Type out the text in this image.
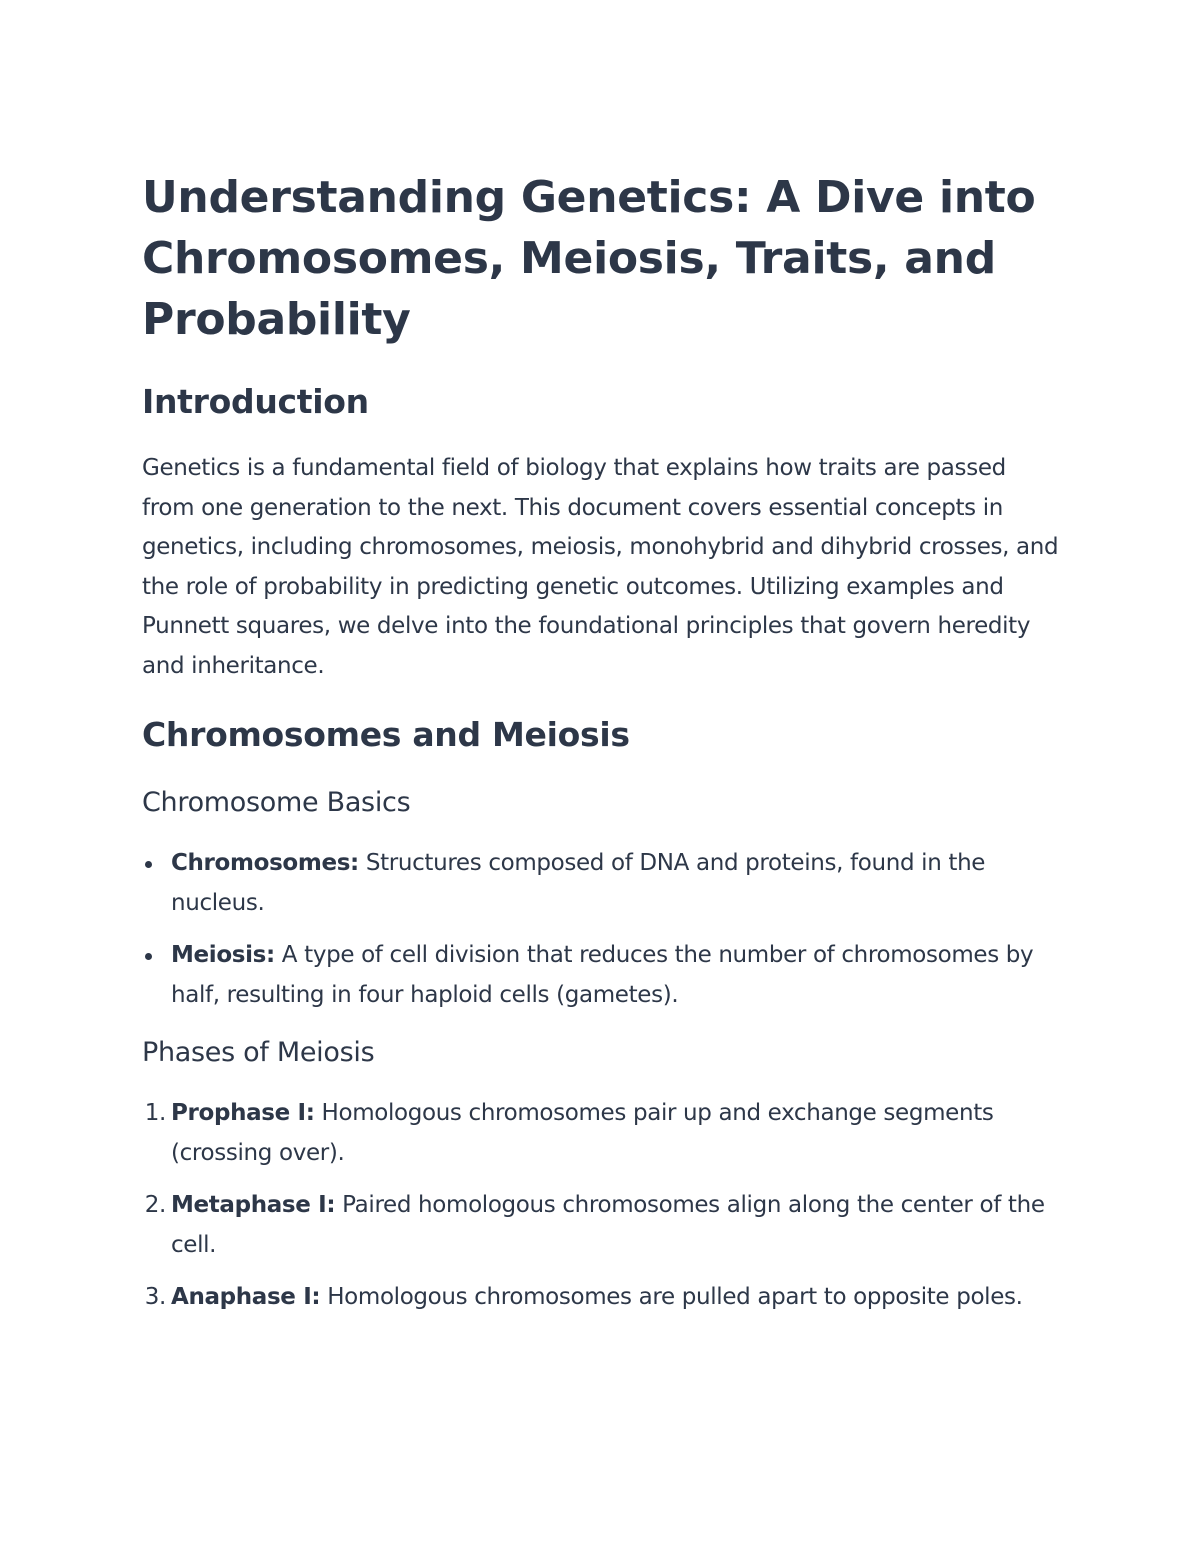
Understanding Genetics: A Dive into Chromosomes, Meiosis, Traits, and Probability
Introduction

Genetics is a fundamental field of biology that explains how traits are passed from one generation to the next. This document covers essential concepts in genetics, including chromosomes, meiosis, monohybrid and dihybrid crosses, and the role of probability in predicting genetic outcomes. Utilizing examples and Punnett squares, we delve into the foundational principles that govern heredity and inheritance.

Chromosomes and Meiosis
Chromosome Basics
Chromosomes: Structures composed of DNA and proteins, found in the nucleus.
Meiosis: A type of cell division that reduces the number of chromosomes by half, resulting in four haploid cells (gametes).
Phases of Meiosis
1. Prophase I: Homologous chromosomes pair up and exchange segments (crossing over).
2. Metaphase I: Paired homologous chromosomes align along the center of the cell.
3. Anaphase I: Homologous chromosomes are pulled apart to opposite poles.
